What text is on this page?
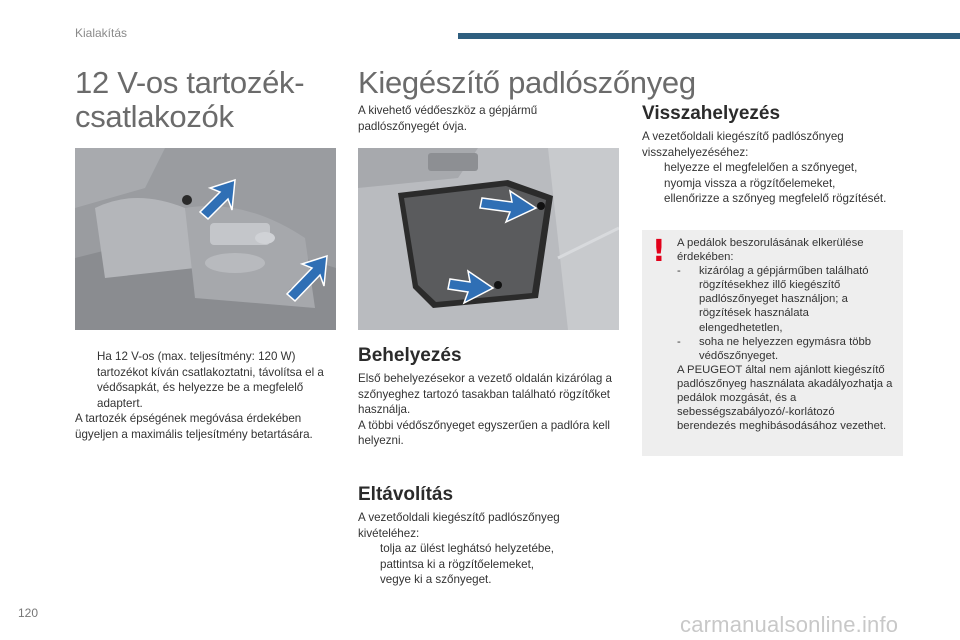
Kialakítás
12 V-os tartozék-
csatlakozók
Ha 12 V-os (max. teljesítmény: 120 W) tartozékot kíván csatlakoztatni, távolítsa el a védősapkát, és helyezze be a megfelelő adaptert.
A tartozék épségének megóvása érdekében ügyeljen a maximális teljesítmény betartására.
Kiegészítő padlószőnyeg
A kivehető védőeszköz a gépjármű padlószőnyegét óvja.
Behelyezés
Első behelyezésekor a vezető oldalán kizárólag a szőnyeghez tartozó tasakban található rögzítőket használja.
A többi védőszőnyeget egyszerűen a padlóra kell helyezni.
Eltávolítás
A vezetőoldali kiegészítő padlószőnyeg kivételéhez:
tolja az ülést leghátsó helyzetébe,
pattintsa ki a rögzítőelemeket,
vegye ki a szőnyeget.
Visszahelyezés
A vezetőoldali kiegészítő padlószőnyeg visszahelyezéséhez:
helyezze el megfelelően a szőnyeget,
nyomja vissza a rögzítőelemeket,
ellenőrizze a szőnyeg megfelelő rögzítését.
! A pedálok beszorulásának elkerülése érdekében:
- kizárólag a gépjárműben található rögzítésekhez illő kiegészítő padlószőnyeget használjon; a rögzítések használata elengedhetetlen,
- soha ne helyezzen egymásra több védőszőnyeget.
A PEUGEOT által nem ajánlott kiegészítő padlószőnyeg használata akadályozhatja a pedálok mozgását, és a sebességszabályozó/-korlátozó berendezés meghibásodásához vezethet.
120	carmanualsonline.info
